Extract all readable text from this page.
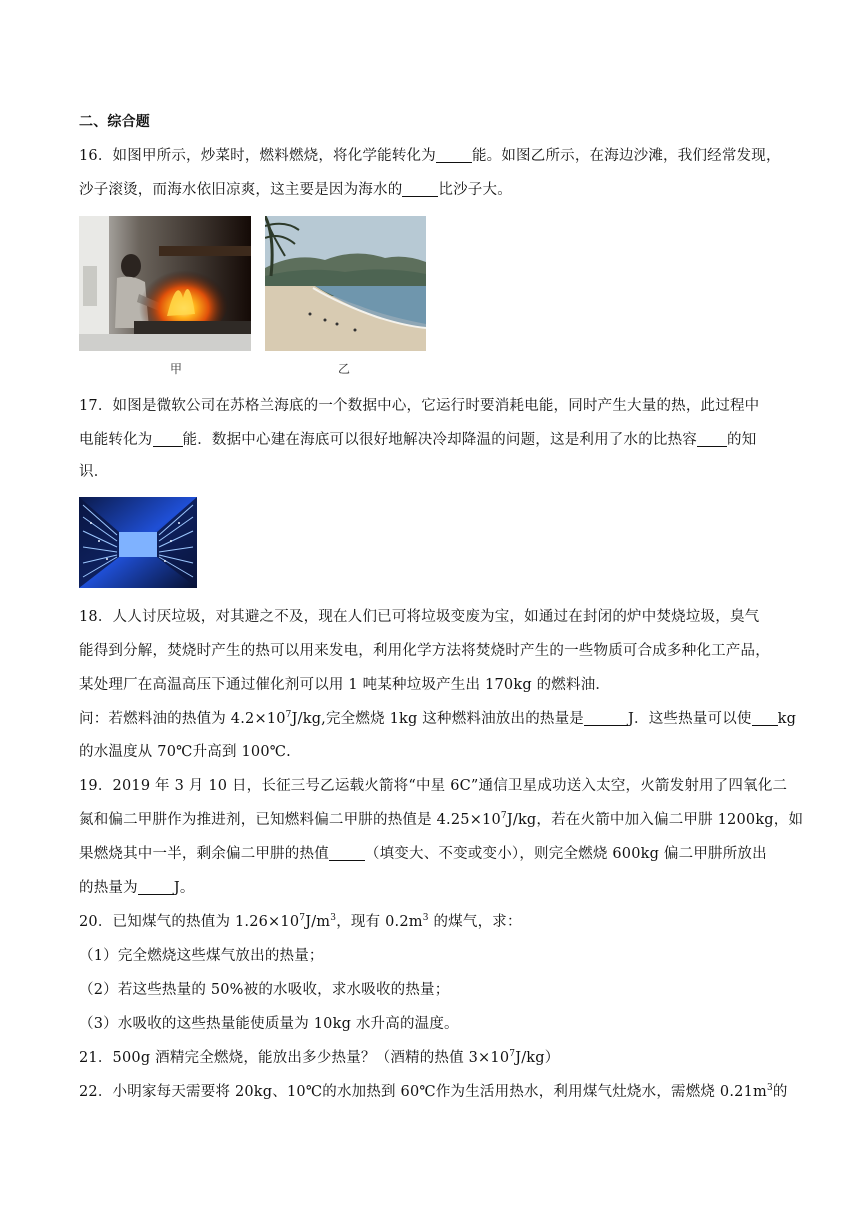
二、综合题
16．如图甲所示，炒菜时，燃料燃烧，将化学能转化为 能。如图乙所示，在海边沙滩，我们经常发现，
沙子滚烫，而海水依旧凉爽，这主要是因为海水的 比沙子大。
甲	乙
17．如图是微软公司在苏格兰海底的一个数据中心，它运行时要消耗电能，同时产生大量的热，此过程中
电能转化为 能．数据中心建在海底可以很好地解决冷却降温的问题，这是利用了水的比热容 的知
识．
18．人人讨厌垃圾，对其避之不及，现在人们已可将垃圾变废为宝，如通过在封闭的炉中焚烧垃圾，臭气
能得到分解，焚烧时产生的热可以用来发电，利用化学方法将焚烧时产生的一些物质可合成多种化工产品，
某处理厂在高温高压下通过催化剂可以用 1 吨某种垃圾产生出 170kg 的燃料油．
问：若燃料油的热值为 $4.2\times 10^7J/kg$,完全燃烧 1kg 这种燃料油放出的热量是	J．这些热量可以使 kg
的水温度从 70℃升高到 100℃.
19．2019 年 3 月 10 日，长征三号乙运载火箭将“中星 6C”通信卫星成功送入太空，火箭发射用了四氧化二
氮和偏二甲肼作为推进剂，已知燃料偏二甲肼的热值是 $4.25\times 10^7J/kg$，若在火箭中加入偏二甲肼 1200kg，如
果燃烧其中一半，剩余偏二甲肼的热值 （填变大、不变或变小），则完全燃烧 600kg 偏二甲肼所放出
的热量为 J。
20．已知煤气的热值为 $1.26\times 10^7J/m^3$，现有 $0.2m^3$ 的煤气，求：
（1）完全燃烧这些煤气放出的热量；
（2）若这些热量的 50%被的水吸收，求水吸收的热量；
（3）水吸收的这些热量能使质量为 10kg 水升高的温度。
21．500g 酒精完全燃烧，能放出多少热量？（酒精的热值 $3\times 10^7J/kg$）
22．小明家每天需要将 20kg、10℃的水加热到 60℃作为生活用热水，利用煤气灶烧水，需燃烧 $0.21m^3$的
